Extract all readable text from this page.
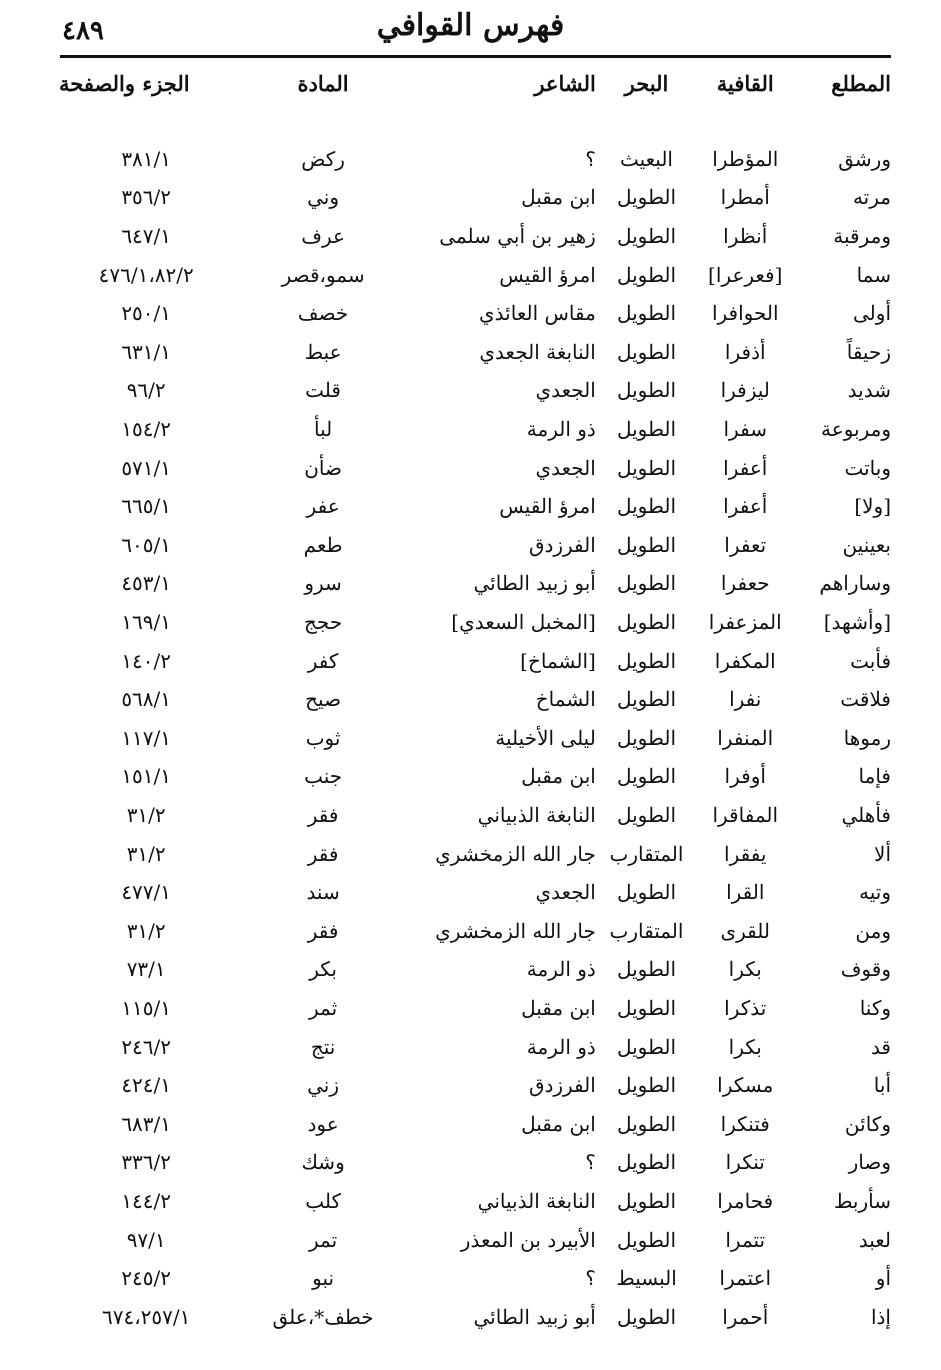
٤٨٩	فهرس القوافي
المطلع	القافية	البحر	الشاعر	المادة	الجزء والصفحة

ورشق	المؤطرا	البعيث	؟	ركض	٣٨١/١
مرته	أمطرا	الطويل	ابن مقبل	وني	٣٥٦/٢
ومرقبة	أنظرا	الطويل	زهير بن أبي سلمى	عرف	٦٤٧/١
سما	[فعرعرا]	الطويل	امرؤ القيس	سمو،قصر	٤٧٦/١،٨٢/٢
أولى	الحوافرا	الطويل	مقاس العائذي	خصف	٢٥٠/١
زحيقاً	أذفرا	الطويل	النابغة الجعدي	عبط	٦٣١/١
شديد	ليزفرا	الطويل	الجعدي	قلت	٩٦/٢
ومربوعة	سفرا	الطويل	ذو الرمة	لبأ	١٥٤/٢
وباتت	أعفرا	الطويل	الجعدي	ضأن	٥٧١/١
[ولا]	أعفرا	الطويل	امرؤ القيس	عفر	٦٦٥/١
بعينين	تعفرا	الطويل	الفرزدق	طعم	٦٠٥/١
وساراهم	حعفرا	الطويل	أبو زبيد الطائي	سرو	٤٥٣/١
[وأشهد]	المزعفرا	الطويل	[المخبل السعدي]	حجج	١٦٩/١
فأبت	المكفرا	الطويل	[الشماخ]	كفر	١٤٠/٢
فلاقت	نفرا	الطويل	الشماخ	صيح	٥٦٨/١
رموها	المنفرا	الطويل	ليلى الأخيلية	ثوب	١١٧/١
فإما	أوفرا	الطويل	ابن مقبل	جنب	١٥١/١
فأهلي	المفاقرا	الطويل	النابغة الذبياني	فقر	٣١/٢
ألا	يفقرا	المتقارب	جار الله الزمخشري	فقر	٣١/٢
وتيه	القرا	الطويل	الجعدي	سند	٤٧٧/١
ومن	للقرى	المتقارب	جار الله الزمخشري	فقر	٣١/٢
وقوف	بكرا	الطويل	ذو الرمة	بكر	٧٣/١
وكنا	تذكرا	الطويل	ابن مقبل	ثمر	١١٥/١
قد	بكرا	الطويل	ذو الرمة	نتج	٢٤٦/٢
أبا	مسكرا	الطويل	الفرزدق	زني	٤٢٤/١
وكائن	فتنكرا	الطويل	ابن مقبل	عود	٦٨٣/١
وصار	تنكرا	الطويل	؟	وشك	٣٣٦/٢
سأربط	فحامرا	الطويل	النابغة الذبياني	كلب	١٤٤/٢
لعبد	تتمرا	الطويل	الأبيرد بن المعذر	تمر	٩٧/١
أو	اعتمرا	البسيط	؟	نبو	٢٤٥/٢
إذا	أحمرا	الطويل	أبو زبيد الطائي	خطف*،علق	٦٧٤،٢٥٧/١
